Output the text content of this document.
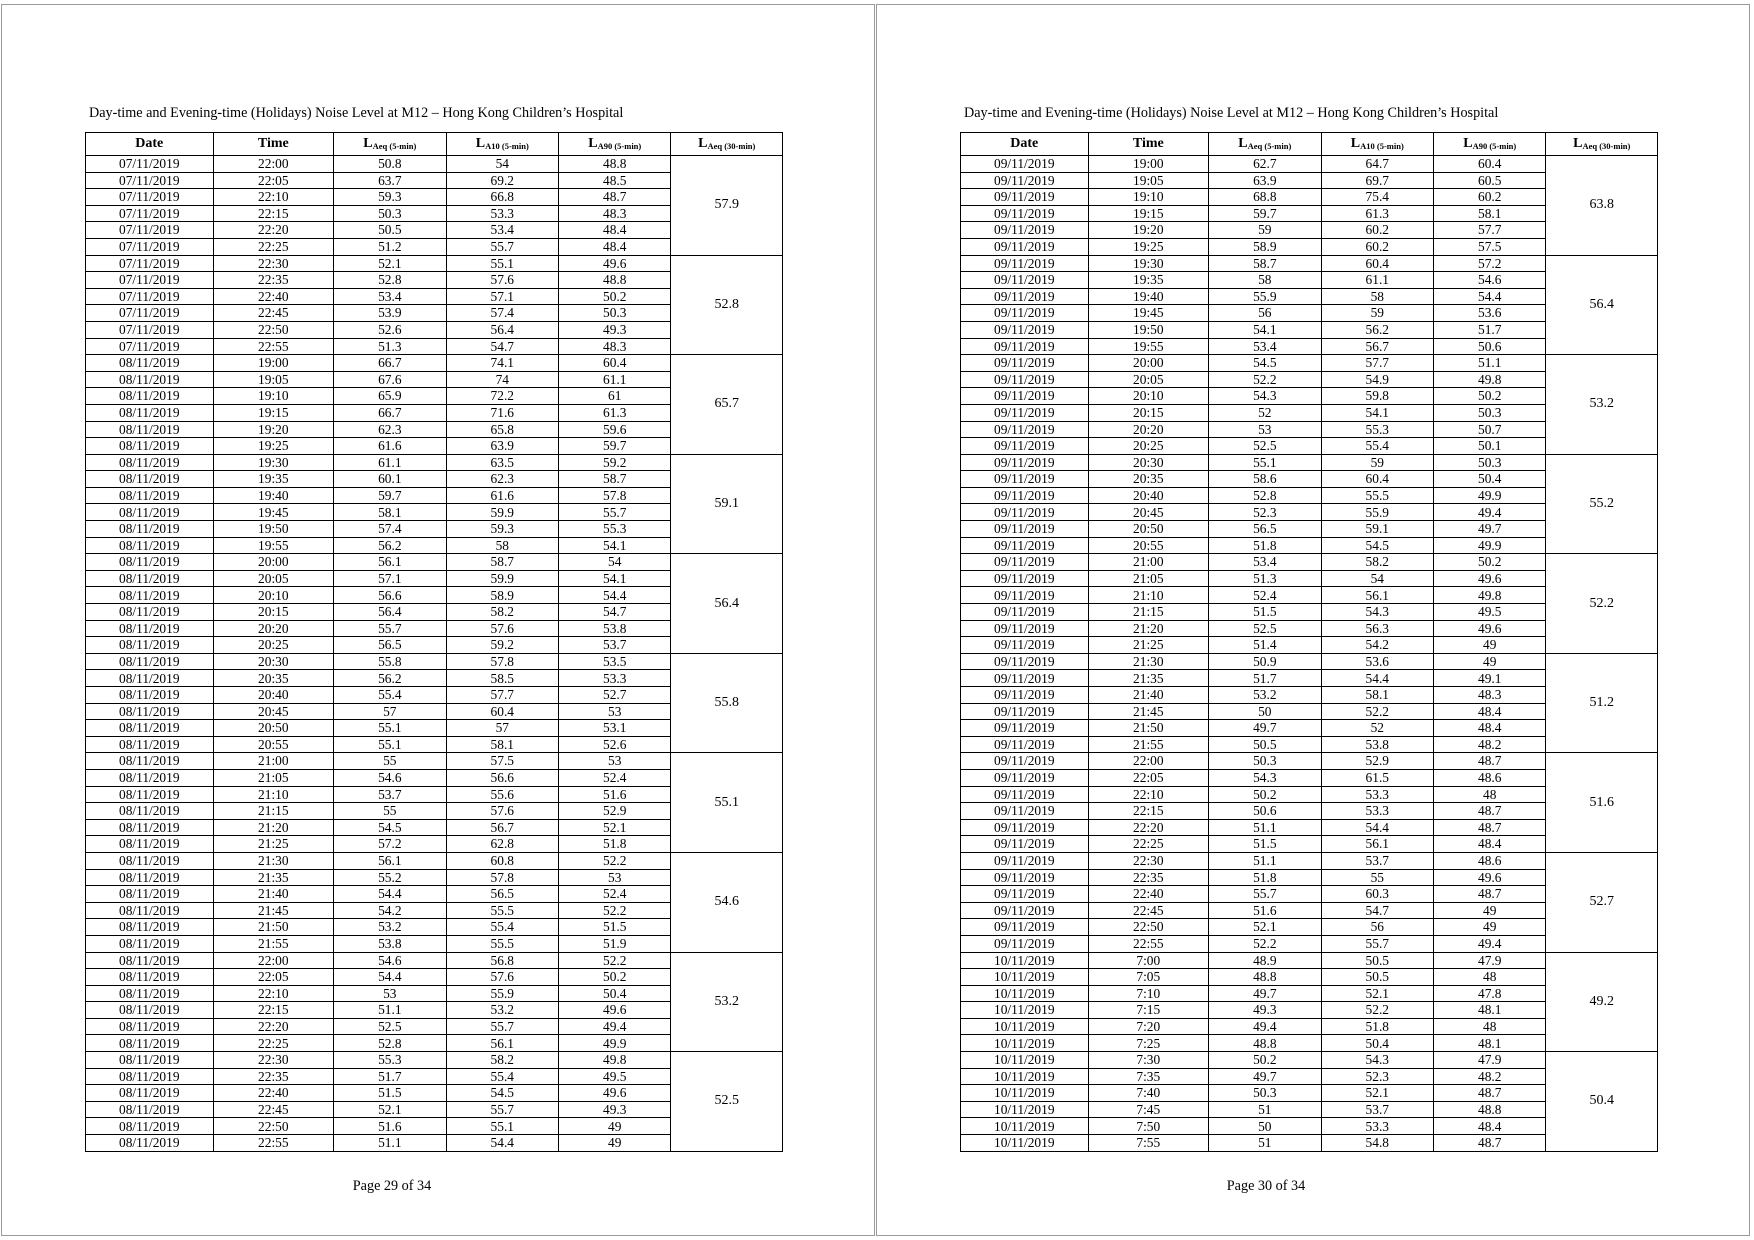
Day-time and Evening-time (Holidays) Noise Level at M12 – Hong Kong Children’s Hospital
Date	Time	$L_{Aeq (5-min)}$	$L_{A10 (5-min)}$	$L_{A90 (5-min)}$	$L_{Aeq (30-min)}$
07/11/2019	22:00	50.8	54	48.8	57.9
07/11/2019	22:05	63.7	69.2	48.5	
07/11/2019	22:10	59.3	66.8	48.7	
07/11/2019	22:15	50.3	53.3	48.3	
07/11/2019	22:20	50.5	53.4	48.4	
07/11/2019	22:25	51.2	55.7	48.4	
07/11/2019	22:30	52.1	55.1	49.6	52.8
07/11/2019	22:35	52.8	57.6	48.8	
07/11/2019	22:40	53.4	57.1	50.2	
07/11/2019	22:45	53.9	57.4	50.3	
07/11/2019	22:50	52.6	56.4	49.3	
07/11/2019	22:55	51.3	54.7	48.3	
08/11/2019	19:00	66.7	74.1	60.4	65.7
08/11/2019	19:05	67.6	74	61.1	
08/11/2019	19:10	65.9	72.2	61	
08/11/2019	19:15	66.7	71.6	61.3	
08/11/2019	19:20	62.3	65.8	59.6	
08/11/2019	19:25	61.6	63.9	59.7	
08/11/2019	19:30	61.1	63.5	59.2	59.1
08/11/2019	19:35	60.1	62.3	58.7	
08/11/2019	19:40	59.7	61.6	57.8	
08/11/2019	19:45	58.1	59.9	55.7	
08/11/2019	19:50	57.4	59.3	55.3	
08/11/2019	19:55	56.2	58	54.1	
08/11/2019	20:00	56.1	58.7	54	56.4
08/11/2019	20:05	57.1	59.9	54.1	
08/11/2019	20:10	56.6	58.9	54.4	
08/11/2019	20:15	56.4	58.2	54.7	
08/11/2019	20:20	55.7	57.6	53.8	
08/11/2019	20:25	56.5	59.2	53.7	
08/11/2019	20:30	55.8	57.8	53.5	55.8
08/11/2019	20:35	56.2	58.5	53.3	
08/11/2019	20:40	55.4	57.7	52.7	
08/11/2019	20:45	57	60.4	53	
08/11/2019	20:50	55.1	57	53.1	
08/11/2019	20:55	55.1	58.1	52.6	
08/11/2019	21:00	55	57.5	53	55.1
08/11/2019	21:05	54.6	56.6	52.4	
08/11/2019	21:10	53.7	55.6	51.6	
08/11/2019	21:15	55	57.6	52.9	
08/11/2019	21:20	54.5	56.7	52.1	
08/11/2019	21:25	57.2	62.8	51.8	
08/11/2019	21:30	56.1	60.8	52.2	54.6
08/11/2019	21:35	55.2	57.8	53	
08/11/2019	21:40	54.4	56.5	52.4	
08/11/2019	21:45	54.2	55.5	52.2	
08/11/2019	21:50	53.2	55.4	51.5	
08/11/2019	21:55	53.8	55.5	51.9	
08/11/2019	22:00	54.6	56.8	52.2	53.2
08/11/2019	22:05	54.4	57.6	50.2	
08/11/2019	22:10	53	55.9	50.4	
08/11/2019	22:15	51.1	53.2	49.6	
08/11/2019	22:20	52.5	55.7	49.4	
08/11/2019	22:25	52.8	56.1	49.9	
08/11/2019	22:30	55.3	58.2	49.8	52.5
08/11/2019	22:35	51.7	55.4	49.5	
08/11/2019	22:40	51.5	54.5	49.6	
08/11/2019	22:45	52.1	55.7	49.3	
08/11/2019	22:50	51.6	55.1	49	
08/11/2019	22:55	51.1	54.4	49	
Page 29 of 34
Day-time and Evening-time (Holidays) Noise Level at M12 – Hong Kong Children’s Hospital
Date	Time	$L_{Aeq (5-min)}$	$L_{A10 (5-min)}$	$L_{A90 (5-min)}$	$L_{Aeq (30-min)}$
09/11/2019	19:00	62.7	64.7	60.4	63.8
09/11/2019	19:05	63.9	69.7	60.5	
09/11/2019	19:10	68.8	75.4	60.2	
09/11/2019	19:15	59.7	61.3	58.1	
09/11/2019	19:20	59	60.2	57.7	
09/11/2019	19:25	58.9	60.2	57.5	
09/11/2019	19:30	58.7	60.4	57.2	56.4
09/11/2019	19:35	58	61.1	54.6	
09/11/2019	19:40	55.9	58	54.4	
09/11/2019	19:45	56	59	53.6	
09/11/2019	19:50	54.1	56.2	51.7	
09/11/2019	19:55	53.4	56.7	50.6	
09/11/2019	20:00	54.5	57.7	51.1	53.2
09/11/2019	20:05	52.2	54.9	49.8	
09/11/2019	20:10	54.3	59.8	50.2	
09/11/2019	20:15	52	54.1	50.3	
09/11/2019	20:20	53	55.3	50.7	
09/11/2019	20:25	52.5	55.4	50.1	
09/11/2019	20:30	55.1	59	50.3	55.2
09/11/2019	20:35	58.6	60.4	50.4	
09/11/2019	20:40	52.8	55.5	49.9	
09/11/2019	20:45	52.3	55.9	49.4	
09/11/2019	20:50	56.5	59.1	49.7	
09/11/2019	20:55	51.8	54.5	49.9	
09/11/2019	21:00	53.4	58.2	50.2	52.2
09/11/2019	21:05	51.3	54	49.6	
09/11/2019	21:10	52.4	56.1	49.8	
09/11/2019	21:15	51.5	54.3	49.5	
09/11/2019	21:20	52.5	56.3	49.6	
09/11/2019	21:25	51.4	54.2	49	
09/11/2019	21:30	50.9	53.6	49	51.2
09/11/2019	21:35	51.7	54.4	49.1	
09/11/2019	21:40	53.2	58.1	48.3	
09/11/2019	21:45	50	52.2	48.4	
09/11/2019	21:50	49.7	52	48.4	
09/11/2019	21:55	50.5	53.8	48.2	
09/11/2019	22:00	50.3	52.9	48.7	51.6
09/11/2019	22:05	54.3	61.5	48.6	
09/11/2019	22:10	50.2	53.3	48	
09/11/2019	22:15	50.6	53.3	48.7	
09/11/2019	22:20	51.1	54.4	48.7	
09/11/2019	22:25	51.5	56.1	48.4	
09/11/2019	22:30	51.1	53.7	48.6	52.7
09/11/2019	22:35	51.8	55	49.6	
09/11/2019	22:40	55.7	60.3	48.7	
09/11/2019	22:45	51.6	54.7	49	
09/11/2019	22:50	52.1	56	49	
09/11/2019	22:55	52.2	55.7	49.4	
10/11/2019	7:00	48.9	50.5	47.9	49.2
10/11/2019	7:05	48.8	50.5	48	
10/11/2019	7:10	49.7	52.1	47.8	
10/11/2019	7:15	49.3	52.2	48.1	
10/11/2019	7:20	49.4	51.8	48	
10/11/2019	7:25	48.8	50.4	48.1	
10/11/2019	7:30	50.2	54.3	47.9	50.4
10/11/2019	7:35	49.7	52.3	48.2	
10/11/2019	7:40	50.3	52.1	48.7	
10/11/2019	7:45	51	53.7	48.8	
10/11/2019	7:50	50	53.3	48.4	
10/11/2019	7:55	51	54.8	48.7	
Page 30 of 34
